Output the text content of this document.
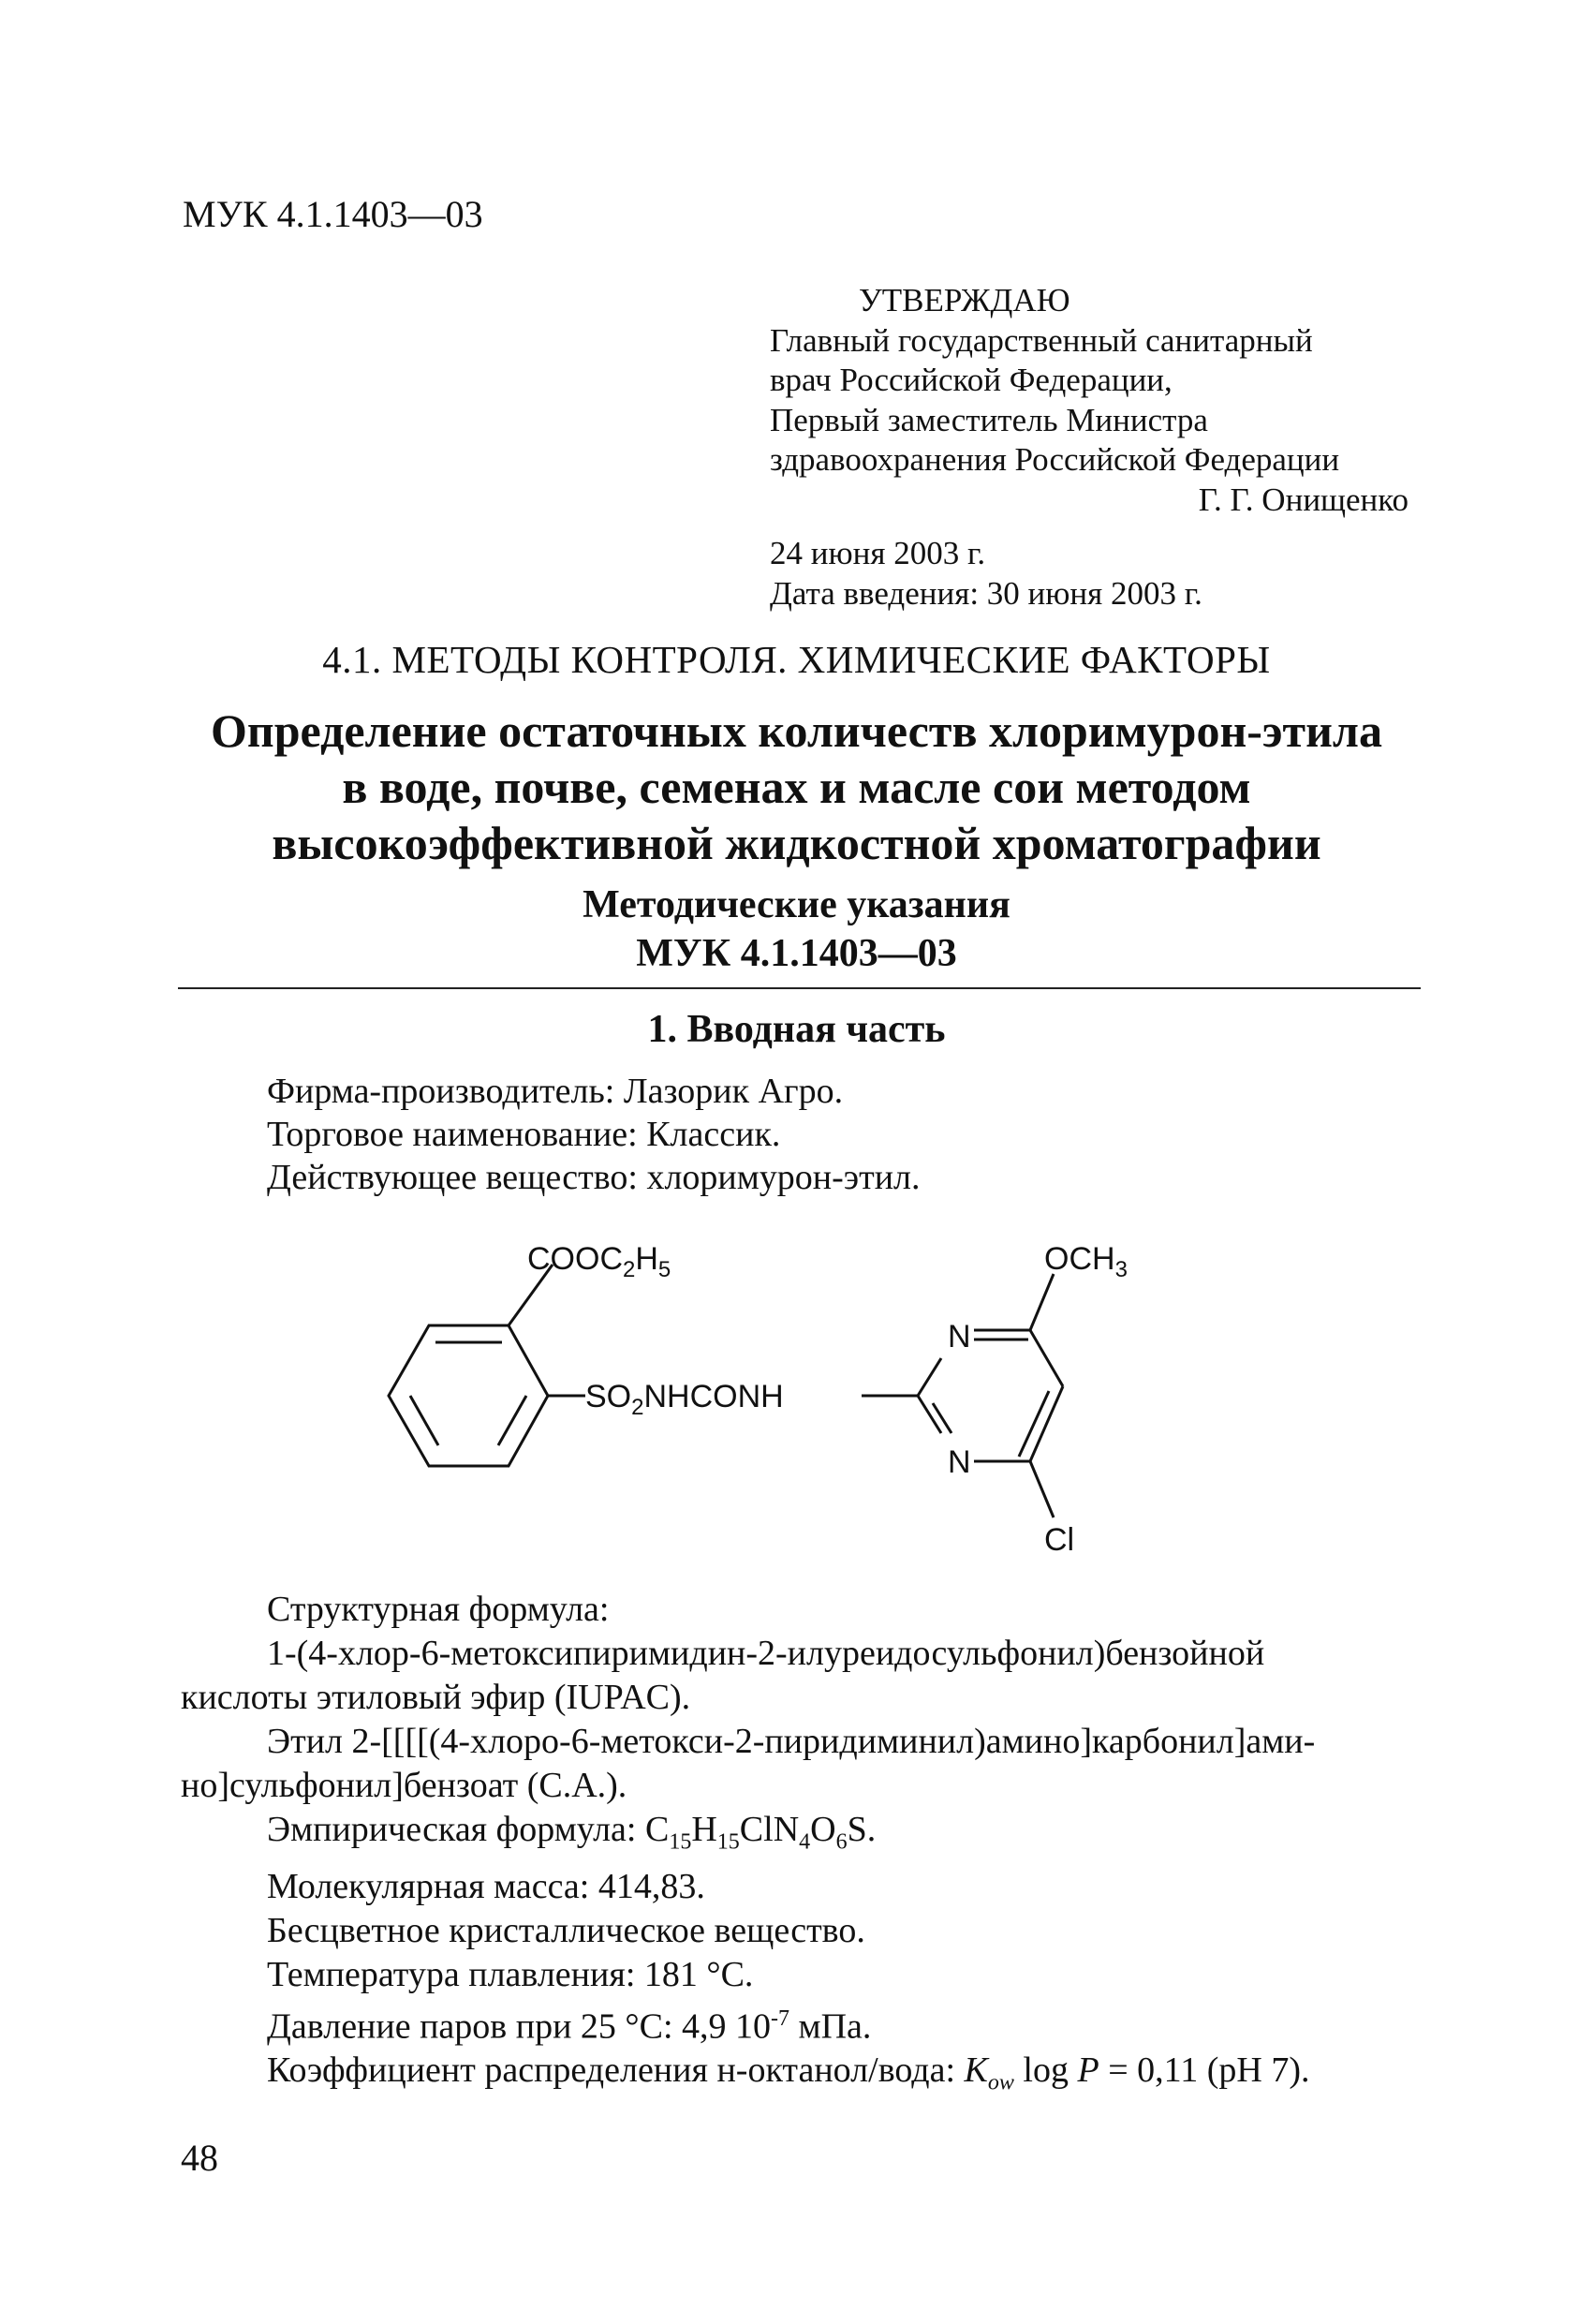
МУК 4.1.1403—03
УТВЕРЖДАЮ
Главный государственный санитарный
врач Российской Федерации,
Первый заместитель Министра
здравоохранения Российской Федерации
Г. Г. Онищенко
24 июня 2003 г.
Дата введения: 30 июня 2003 г.
4.1. МЕТОДЫ КОНТРОЛЯ. ХИМИЧЕСКИЕ ФАКТОРЫ
Определение остаточных количеств хлоримурон-этила
в воде, почве, семенах и масле сои методом
высокоэффективной жидкостной хроматографии
Методические указания
МУК 4.1.1403—03
1. Вводная часть
Фирма-производитель: Лазорик Агро.
Торговое наименование: Классик.
Действующее вещество: хлоримурон-этил.
$COOC_2H_5$	$OCH_3$
$SO_2NHCONH$
N
N
Cl

Структурная формула:

1-(4-хлор-6-метоксипиримидин-2-илуреидосульфонил)бензойной

кислоты этиловый эфир (IUPAC).

Этил 2-[[[[(4-хлоро-6-метокси-2-пиридиминил)амино]карбонил]ами-

но]сульфонил]бензоат (С.А.).

Эмпирическая формула: $C_{15}H_{15}ClN_4O_6S$.

Молекулярная масса: 414,83.

Бесцветное кристаллическое вещество.

Температура плавления: 181 °С.

Давление паров при 25 °С: 4,9 $10^{-7}$ мПа.

Коэффициент распределения н-октанол/вода: $K_{ow}$ log P = 0,11 (рН 7).

48
